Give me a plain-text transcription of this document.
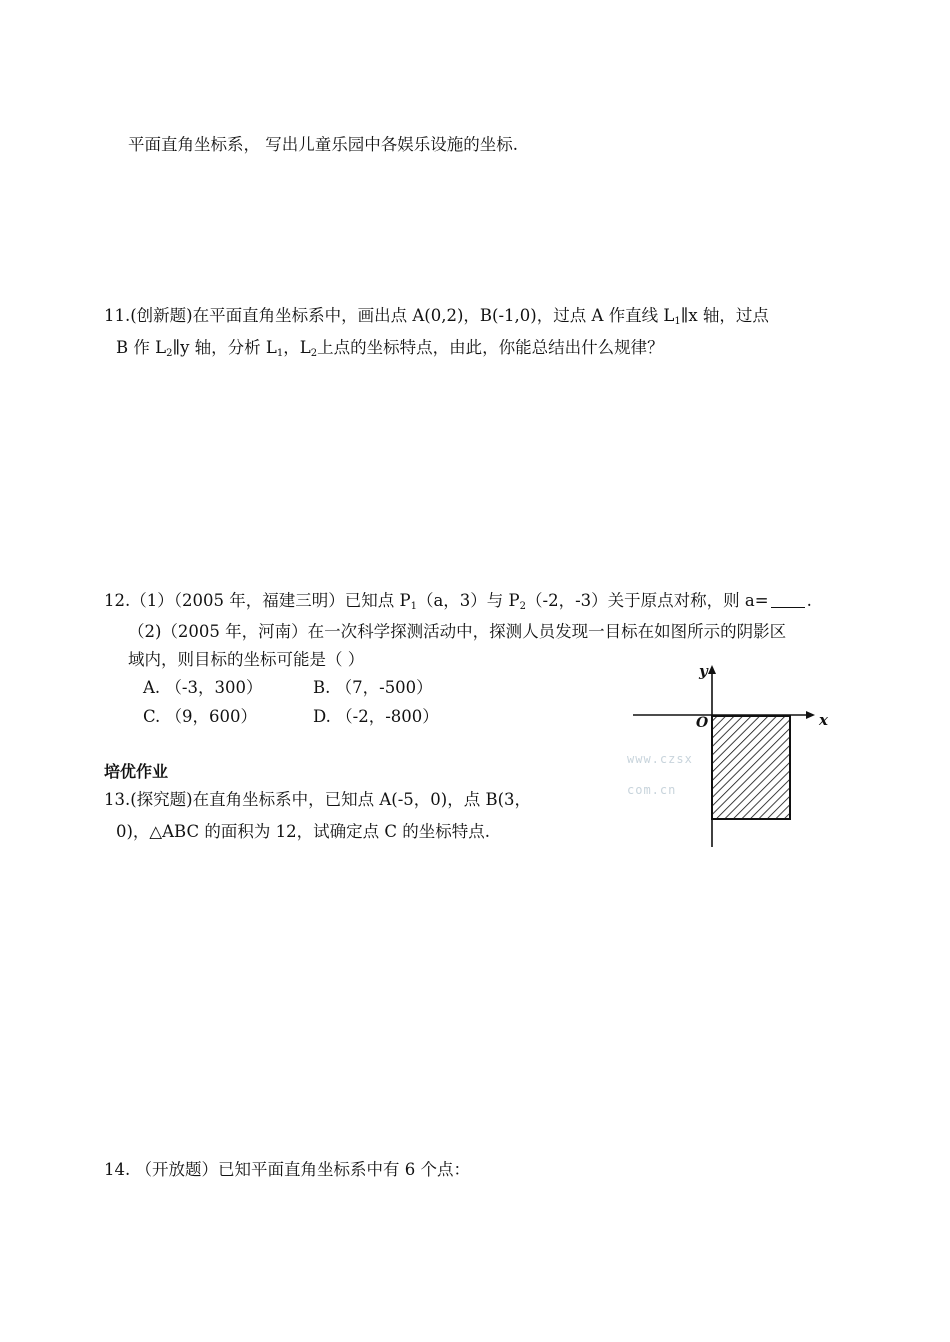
平面直角坐标系， 写出儿童乐园中各娱乐设施的坐标.
11.(创新题)在平面直角坐标系中，画出点 A(0,2)，B(-1,0)，过点 A 作直线 $L_1\parallel x$ 轴，过点
B 作 $L_2\parallel y$ 轴，分析 $L_1$，$L_2$上点的坐标特点，由此，你能总结出什么规律？
12.（1）（2005 年，福建三明）已知点 $P_1(a$，3）与 $P_2(-2$，-3）关于原点对称，则 a= .
（2)（2005 年，河南）在一次科学探测活动中，探测人员发现一目标在如图所示的阴影区
域内，则目标的坐标可能是（ ）
A. （-3，300）	B. （7，-500）
C. （9，600）	D. （-2，-800）
培优作业
13.(探究题)在直角坐标系中，已知点 A(-5，0)，点 B(3，
0)，△ABC 的面积为 12，试确定点 C 的坐标特点.
14. （开放题）已知平面直角坐标系中有 6 个点：
x
y
O
www.czsx
com.cn
